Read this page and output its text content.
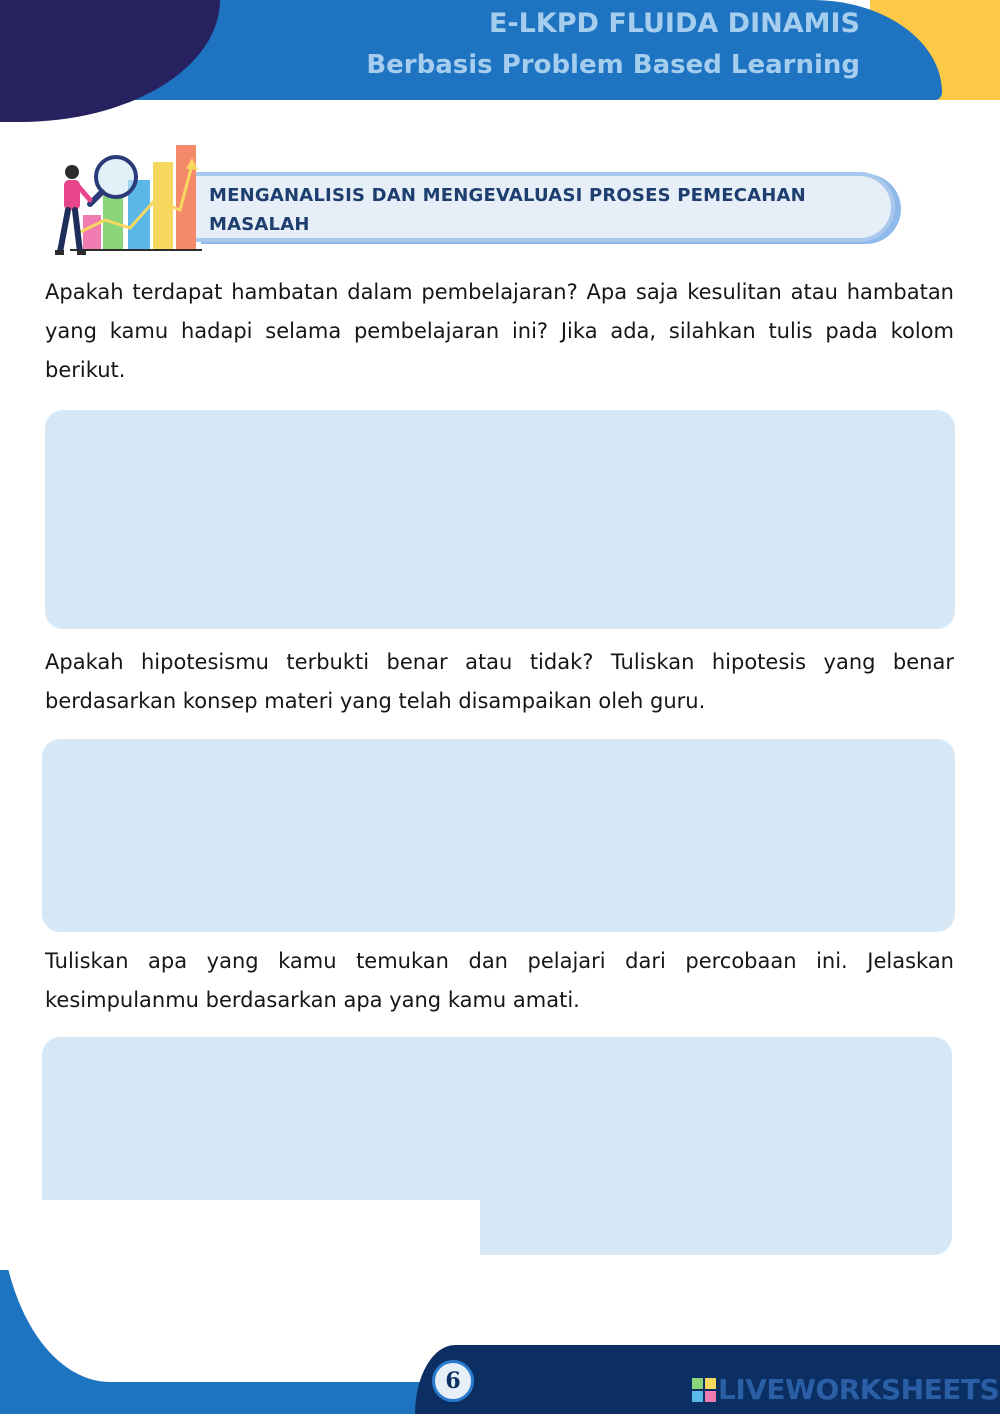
E-LKPD FLUIDA DINAMIS
Berbasis Problem Based Learning
MENGANALISIS DAN MENGEVALUASI PROSES PEMECAHAN MASALAH

Apakah terdapat hambatan dalam pembelajaran? Apa saja kesulitan atau hambatan yang kamu hadapi selama pembelajaran ini? Jika ada, silahkan tulis pada kolom berikut.

Apakah hipotesismu terbukti benar atau tidak? Tuliskan hipotesis yang benar berdasarkan konsep materi yang telah disampaikan oleh guru.

Tuliskan apa yang kamu temukan dan pelajari dari percobaan ini. Jelaskan kesimpulanmu berdasarkan apa yang kamu amati.

6	LIVEWORKSHEETS
